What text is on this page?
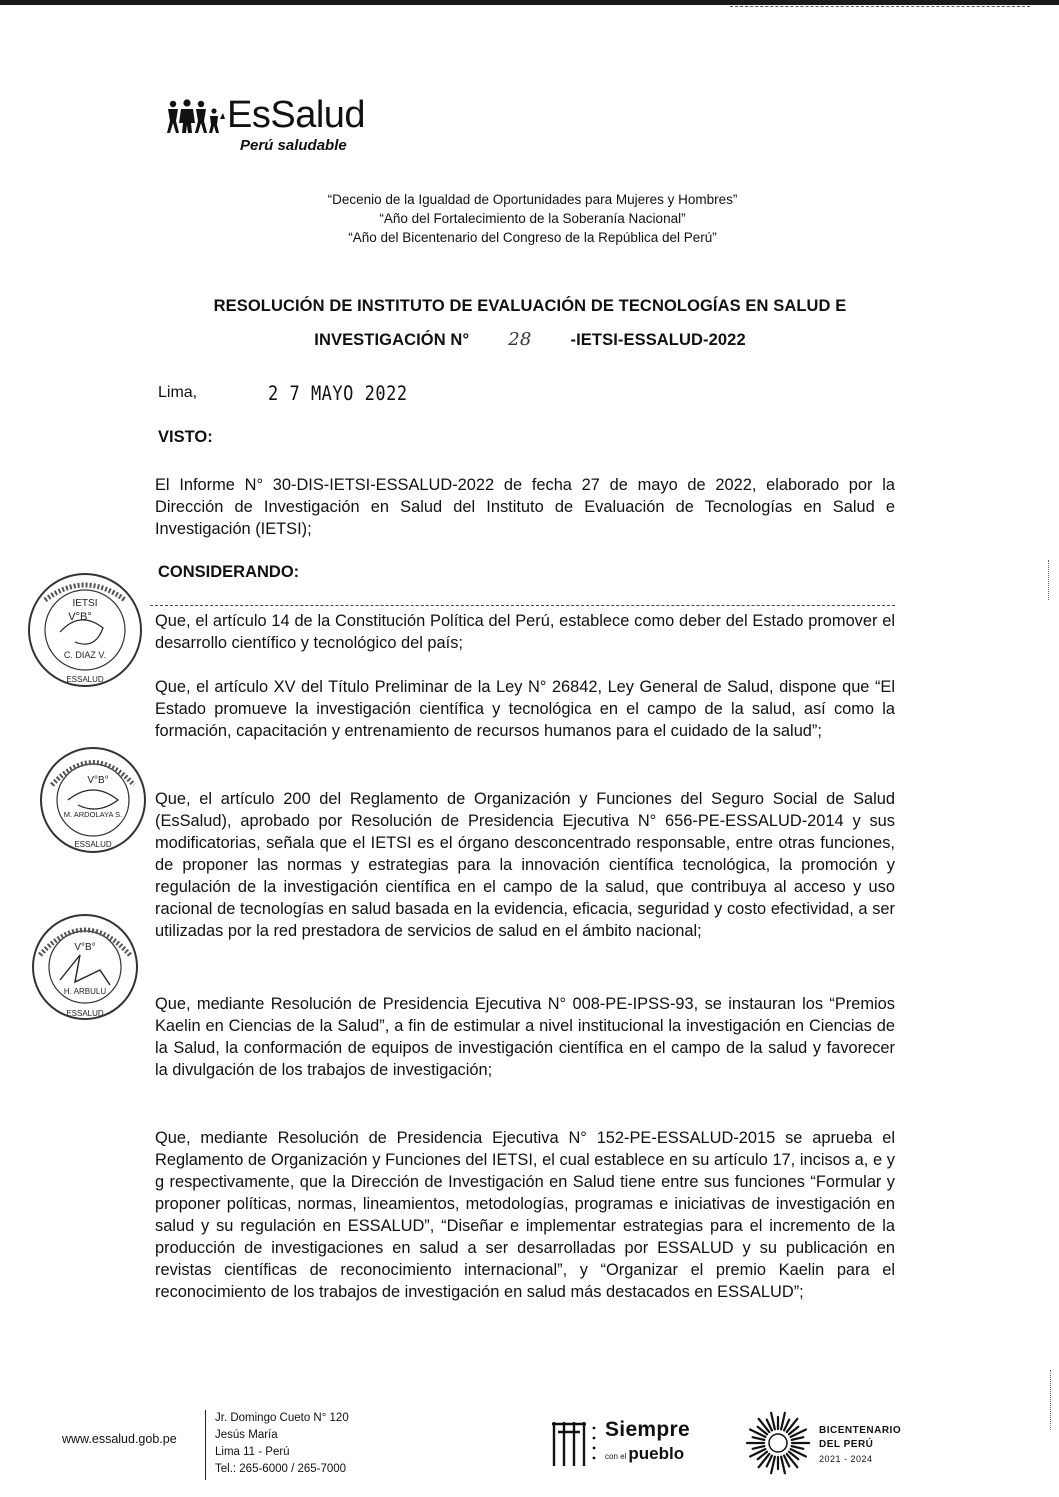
EsSalud
Perú saludable
“Decenio de la Igualdad de Oportunidades para Mujeres y Hombres”
“Año del Fortalecimiento de la Soberanía Nacional”
“Año del Bicentenario del Congreso de la República del Perú”
RESOLUCIÓN DE INSTITUTO DE EVALUACIÓN DE TECNOLOGÍAS EN SALUD E
INVESTIGACIÓN N° 28 -IETSI-ESSALUD-2022
Lima,	2 7 MAYO 2022
VISTO:
El Informe N° 30-DIS-IETSI-ESSALUD-2022 de fecha 27 de mayo de 2022, elaborado por la Dirección de Investigación en Salud del Instituto de Evaluación de Tecnologías en Salud e Investigación (IETSI);
CONSIDERANDO:
Que, el artículo 14 de la Constitución Política del Perú, establece como deber del Estado promover el desarrollo científico y tecnológico del país;
Que, el artículo XV del Título Preliminar de la Ley N° 26842, Ley General de Salud, dispone que “El Estado promueve la investigación científica y tecnológica en el campo de la salud, así como la formación, capacitación y entrenamiento de recursos humanos para el cuidado de la salud”;
Que, el artículo 200 del Reglamento de Organización y Funciones del Seguro Social de Salud (EsSalud), aprobado por Resolución de Presidencia Ejecutiva N° 656-PE-ESSALUD-2014 y sus modificatorias, señala que el IETSI es el órgano desconcentrado responsable, entre otras funciones, de proponer las normas y estrategias para la innovación científica tecnológica, la promoción y regulación de la investigación científica en el campo de la salud, que contribuya al acceso y uso racional de tecnologías en salud basada en la evidencia, eficacia, seguridad y costo efectividad, a ser utilizadas por la red prestadora de servicios de salud en el ámbito nacional;
Que, mediante Resolución de Presidencia Ejecutiva N° 008-PE-IPSS-93, se instauran los “Premios Kaelin en Ciencias de la Salud”, a fin de estimular a nivel institucional la investigación en Ciencias de la Salud, la conformación de equipos de investigación científica en el campo de la salud y favorecer la divulgación de los trabajos de investigación;
Que, mediante Resolución de Presidencia Ejecutiva N° 152-PE-ESSALUD-2015 se aprueba el Reglamento de Organización y Funciones del IETSI, el cual establece en su artículo 17, incisos a, e y g respectivamente, que la Dirección de Investigación en Salud tiene entre sus funciones “Formular y proponer políticas, normas, lineamientos, metodologías, programas e iniciativas de investigación en salud y su regulación en ESSALUD”, “Diseñar e implementar estrategias para el incremento de la producción de investigaciones en salud a ser desarrolladas por ESSALUD y su publicación en revistas científicas de reconocimiento internacional”, y “Organizar el premio Kaelin para el reconocimiento de los trabajos de investigación en salud más destacados en ESSALUD”;
IETSI
V°B°
C. DIAZ V.
ESSALUD
V°B°
M. ARDOLAYA S.
ESSALUD
V°B°
H. ARBULU
ESSALUD
www.essalud.gob.pe
Jr. Domingo Cueto N° 120
Jesús María
Lima 11 - Perú
Tel.: 265-6000 / 265-7000
Siempre
con el pueblo
BICENTENARIO
DEL PERÚ
2021 - 2024
